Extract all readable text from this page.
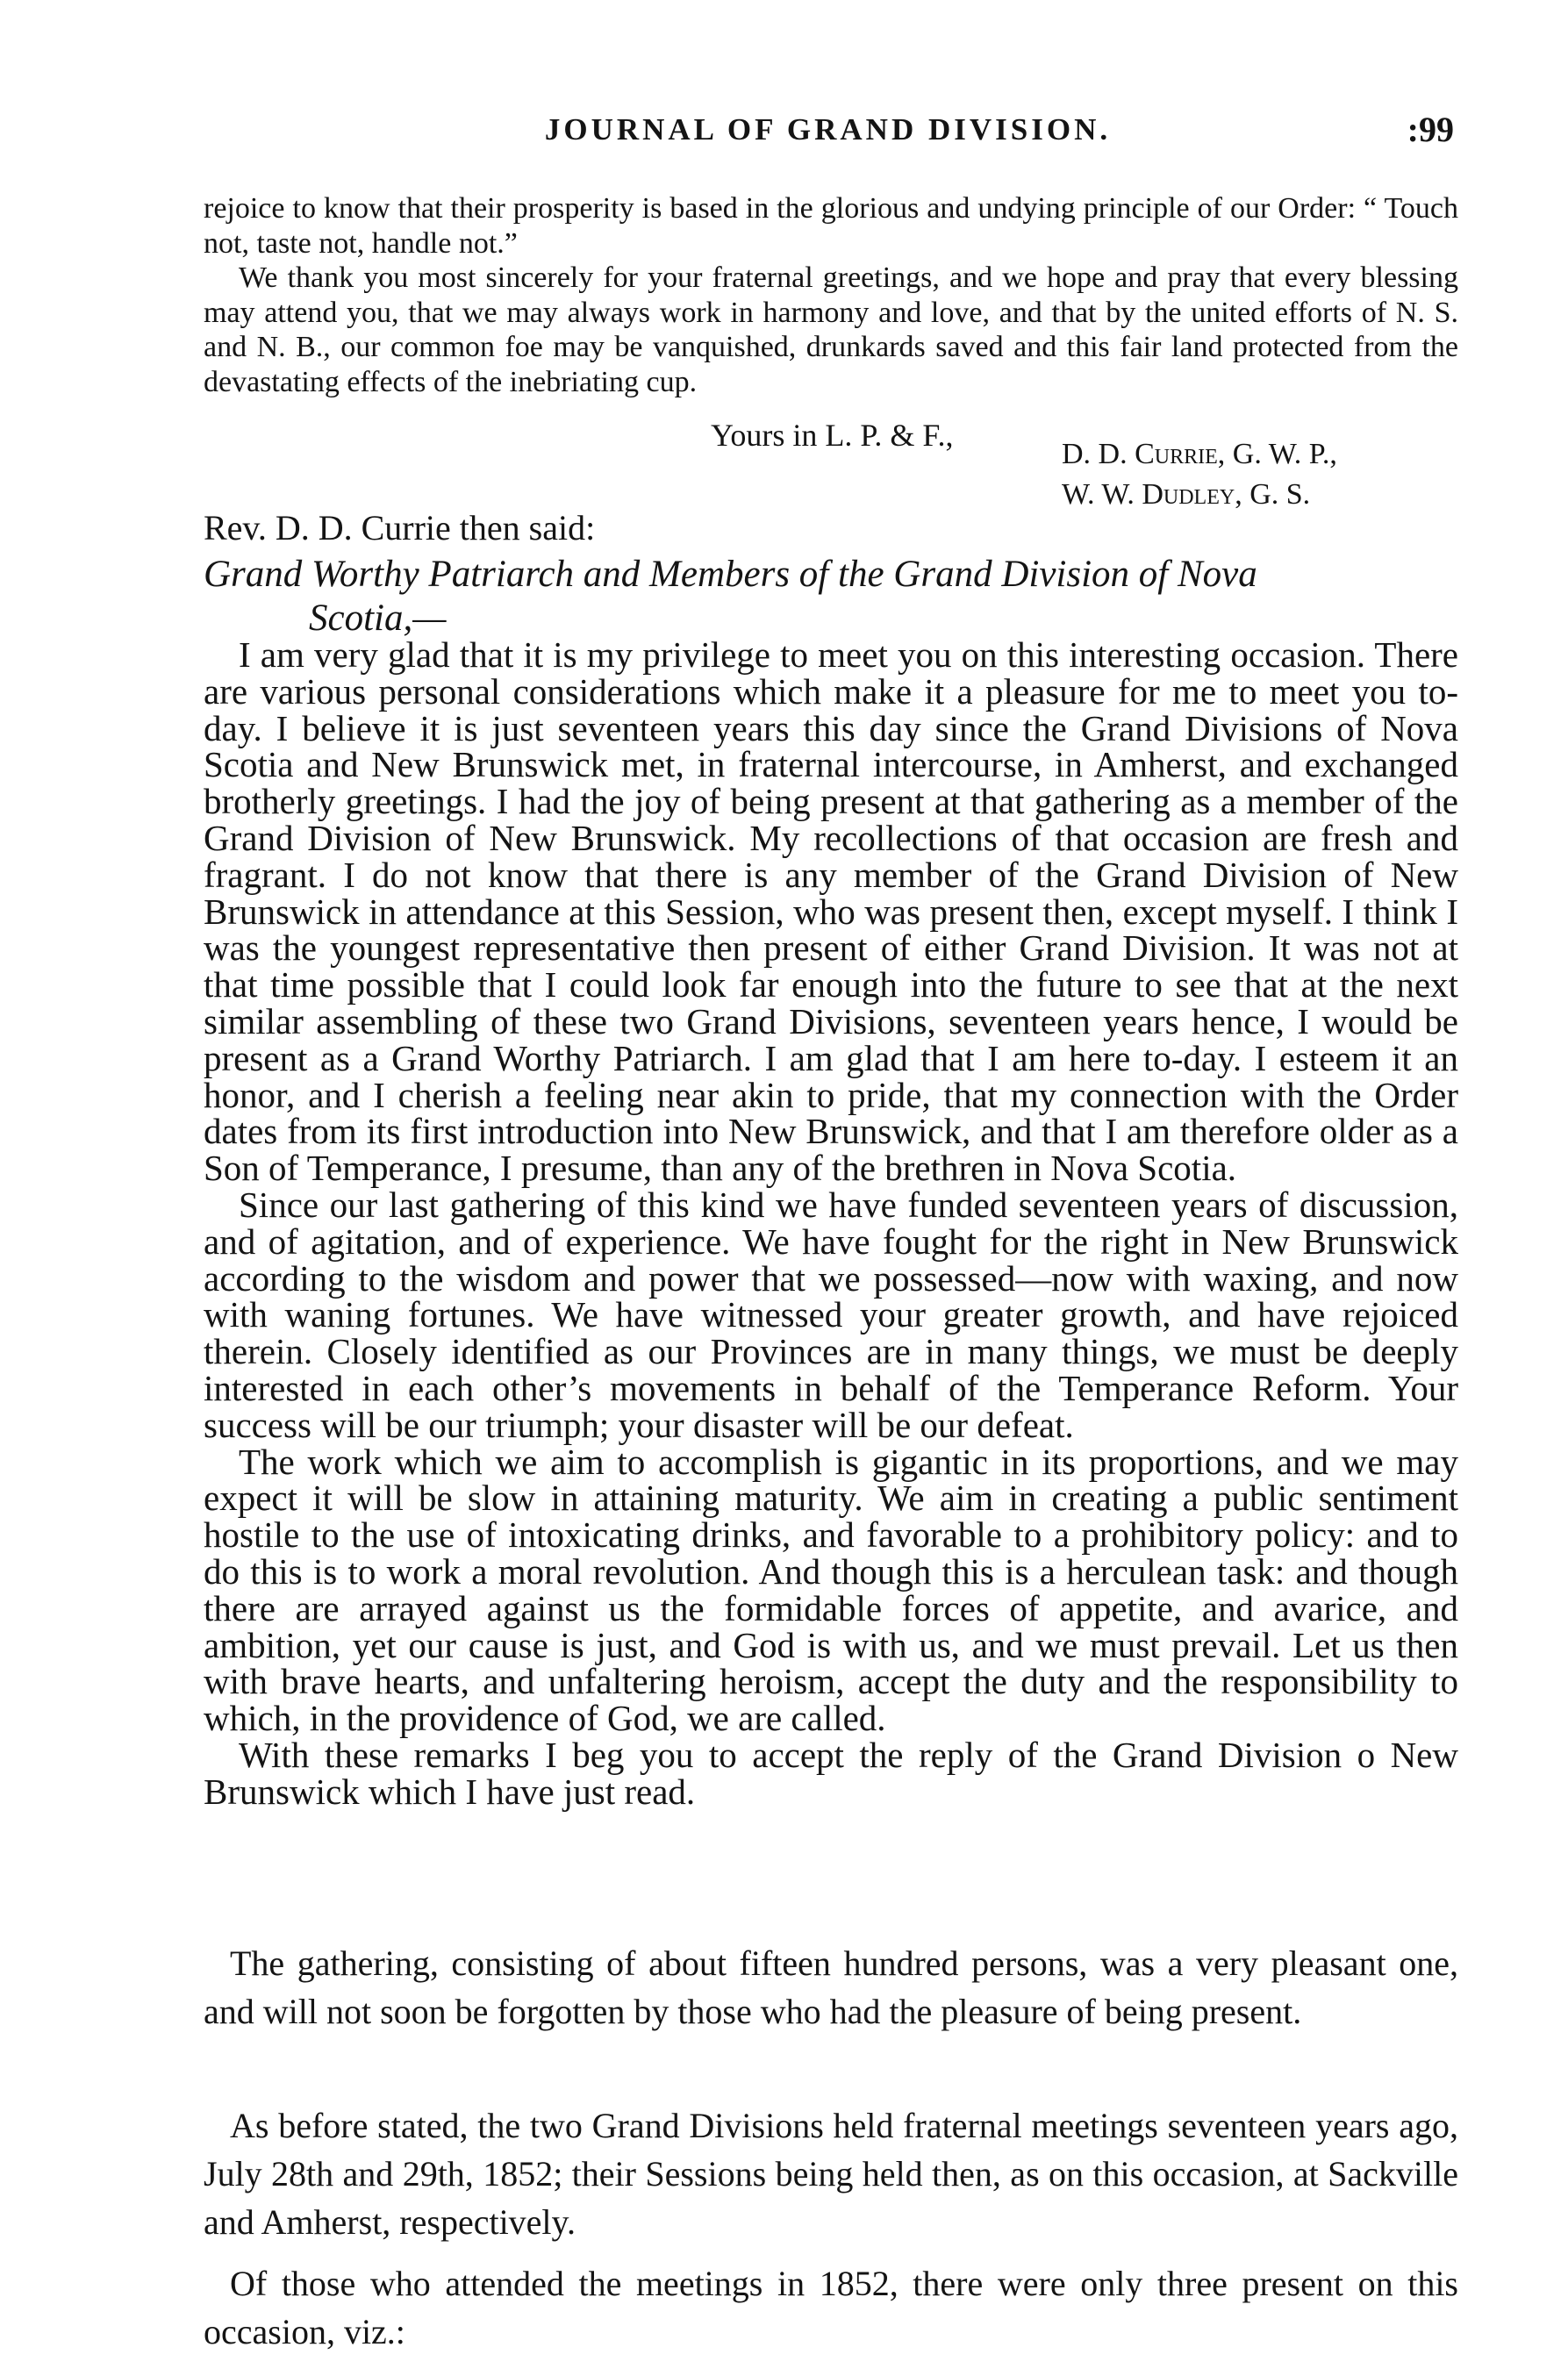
JOURNAL OF GRAND DIVISION.	:99

rejoice to know that their prosperity is based in the glorious and undying principle of our Order: “ Touch not, taste not, handle not.”

We thank you most sincerely for your fraternal greetings, and we hope and pray that every blessing may attend you, that we may always work in harmony and love, and that by the united efforts of N. S. and N. B., our common foe may be vanquished, drunkards saved and this fair land protected from the devastating effects of the inebriating cup.

Yours in L. P. & F.,
D. D. Currie, G. W. P.,
W. W. Dudley, G. S.
Rev. D. D. Currie then said:
Grand Worthy Patriarch and Members of the Grand Division of Nova
Scotia,—

I am very glad that it is my privilege to meet you on this interesting occasion. There are various personal considerations which make it a pleasure for me to meet you to-day. I believe it is just seventeen years this day since the Grand Divisions of Nova Scotia and New Brunswick met, in fraternal intercourse, in Amherst, and exchanged brotherly greetings. I had the joy of being present at that gathering as a member of the Grand Division of New Brunswick. My recollections of that occasion are fresh and fragrant. I do not know that there is any member of the Grand Division of New Brunswick in attendance at this Session, who was present then, except myself. I think I was the youngest representative then present of either Grand Division. It was not at that time possible that I could look far enough into the future to see that at the next similar assembling of these two Grand Divisions, seventeen years hence, I would be present as a Grand Worthy Patriarch. I am glad that I am here to-day. I esteem it an honor, and I cherish a feeling near akin to pride, that my connection with the Order dates from its first introduction into New Brunswick, and that I am therefore older as a Son of Temperance, I presume, than any of the brethren in Nova Scotia.

Since our last gathering of this kind we have funded seventeen years of discussion, and of agitation, and of experience. We have fought for the right in New Brunswick according to the wisdom and power that we possessed—now with waxing, and now with waning fortunes. We have witnessed your greater growth, and have rejoiced therein. Closely identified as our Provinces are in many things, we must be deeply interested in each other’s movements in behalf of the Temperance Reform. Your success will be our triumph; your disaster will be our defeat.

The work which we aim to accomplish is gigantic in its proportions, and we may expect it will be slow in attaining maturity. We aim in creating a public sentiment hostile to the use of intoxicating drinks, and favorable to a prohibitory policy: and to do this is to work a moral revolution. And though this is a herculean task: and though there are arrayed against us the formidable forces of appetite, and avarice, and ambition, yet our cause is just, and God is with us, and we must prevail. Let us then with brave hearts, and unfaltering heroism, accept the duty and the responsibility to which, in the providence of God, we are called.

With these remarks I beg you to accept the reply of the Grand Division o New Brunswick which I have just read.

The gathering, consisting of about fifteen hundred persons, was a very pleasant one, and will not soon be forgotten by those who had the pleasure of being present.

As before stated, the two Grand Divisions held fraternal meetings seventeen years ago, July 28th and 29th, 1852; their Sessions being held then, as on this occasion, at Sackville and Amherst, respectively.

Of those who attended the meetings in 1852, there were only three present on this occasion, viz.:
